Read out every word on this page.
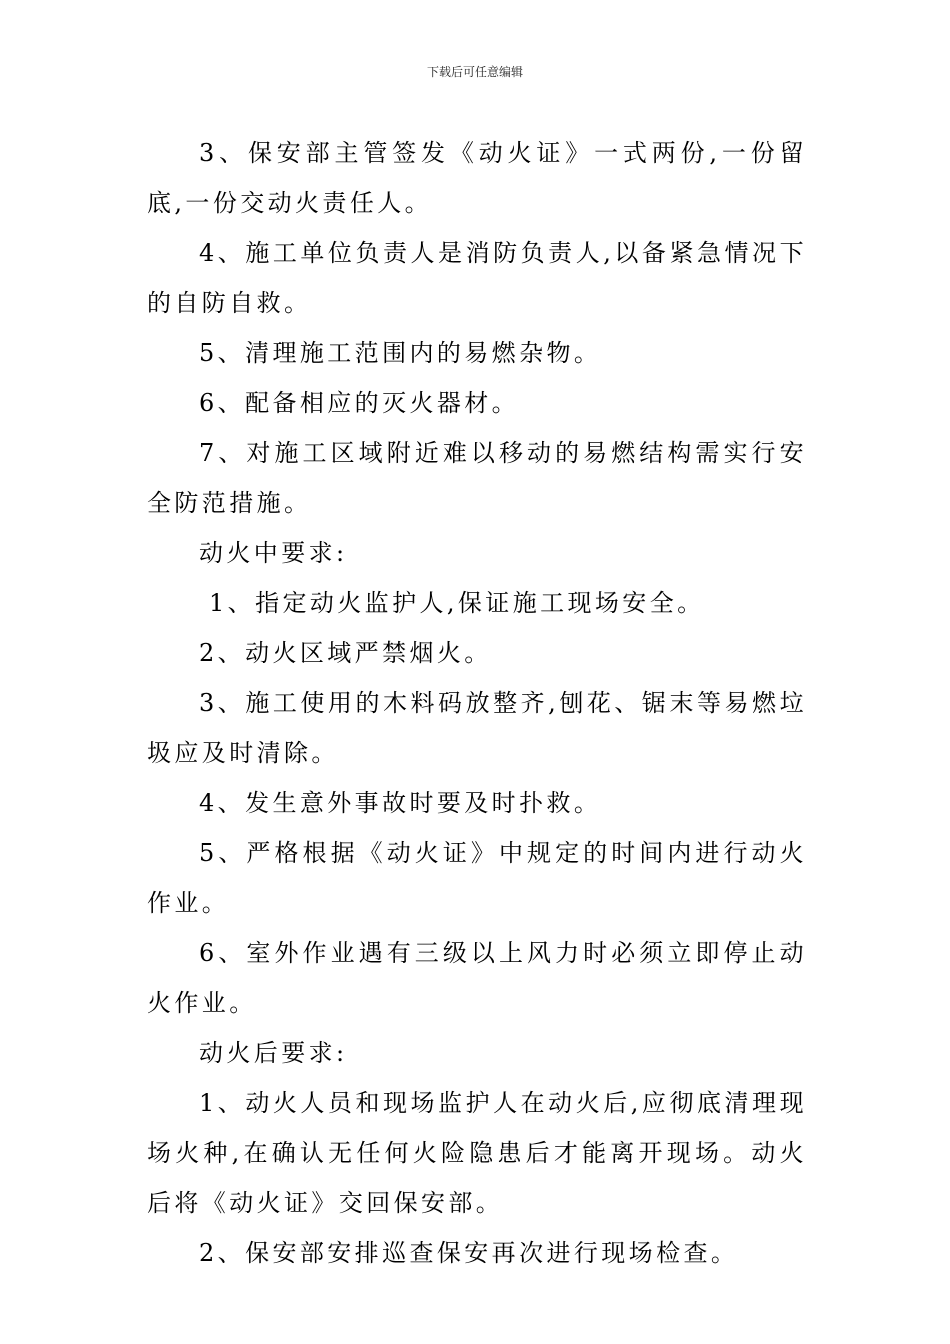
下载后可任意编辑

3、保安部主管签发《动火证》一式两份,一份留底,一份交动火责任人。

4、施工单位负责人是消防负责人,以备紧急情况下的自防自救。

5、清理施工范围内的易燃杂物。

6、配备相应的灭火器材。

7、对施工区域附近难以移动的易燃结构需实行安全防范措施。

动火中要求:

1、指定动火监护人,保证施工现场安全。

2、动火区域严禁烟火。

3、施工使用的木料码放整齐,刨花、锯末等易燃垃圾应及时清除。

4、发生意外事故时要及时扑救。

5、严格根据《动火证》中规定的时间内进行动火作业。

6、室外作业遇有三级以上风力时必须立即停止动火作业。

动火后要求:

1、动火人员和现场监护人在动火后,应彻底清理现场火种,在确认无任何火险隐患后才能离开现场。动火后将《动火证》交回保安部。

2、保安部安排巡查保安再次进行现场检查。
